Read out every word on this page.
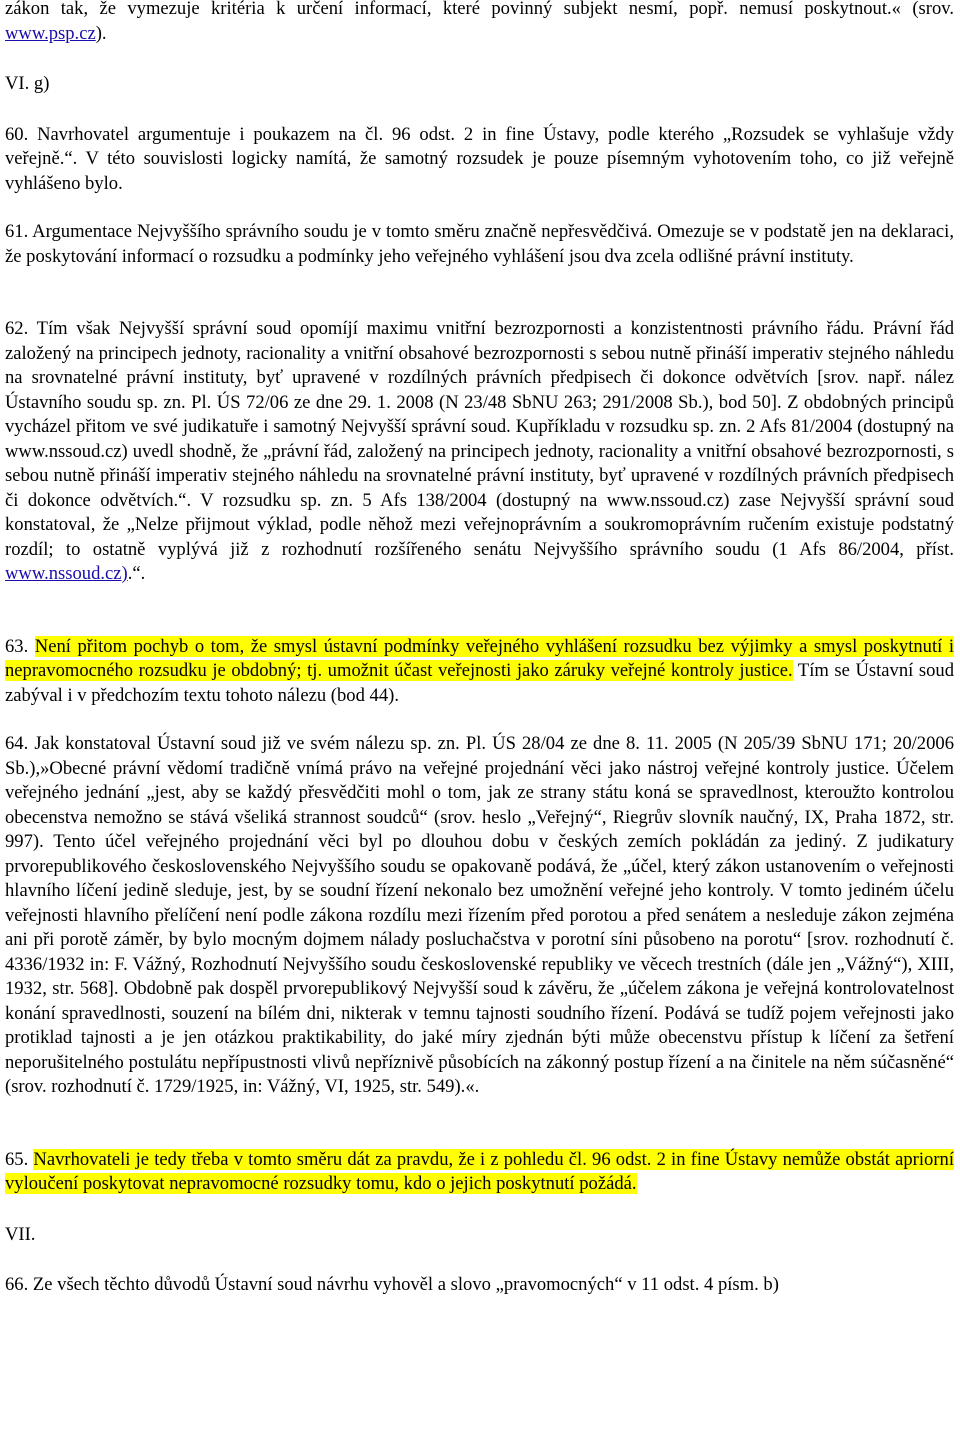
zákon tak, že vymezuje kritéria k určení informací, které povinný subjekt nesmí, popř. nemusí poskytnout.« (srov. www.psp.cz).

VI. g)

60. Navrhovatel argumentuje i poukazem na čl. 96 odst. 2 in fine Ústavy, podle kterého „Rozsudek se vyhlašuje vždy veřejně.“. V této souvislosti logicky namítá, že samotný rozsudek je pouze písemným vyhotovením toho, co již veřejně vyhlášeno bylo.

61. Argumentace Nejvyššího správního soudu je v tomto směru značně nepřesvědčivá. Omezuje se v podstatě jen na deklaraci, že poskytování informací o rozsudku a podmínky jeho veřejného vyhlášení jsou dva zcela odlišné právní instituty.

62. Tím však Nejvyšší správní soud opomíjí maximu vnitřní bezrozpornosti a konzistentnosti právního řádu. Právní řád založený na principech jednoty, racionality a vnitřní obsahové bezrozpornosti s sebou nutně přináší imperativ stejného náhledu na srovnatelné právní instituty, byť upravené v rozdílných právních předpisech či dokonce odvětvích [srov. např. nález Ústavního soudu sp. zn. Pl. ÚS 72/06 ze dne 29. 1. 2008 (N 23/48 SbNU 263; 291/2008 Sb.), bod 50]. Z obdobných principů vycházel přitom ve své judikatuře i samotný Nejvyšší správní soud. Kupříkladu v rozsudku sp. zn. 2 Afs 81/2004 (dostupný na www.nssoud.cz) uvedl shodně, že „právní řád, založený na principech jednoty, racionality a vnitřní obsahové bezrozpornosti, s sebou nutně přináší imperativ stejného náhledu na srovnatelné právní instituty, byť upravené v rozdílných právních předpisech či dokonce odvětvích.“. V rozsudku sp. zn. 5 Afs 138/2004 (dostupný na www.nssoud.cz) zase Nejvyšší správní soud konstatoval, že „Nelze přijmout výklad, podle něhož mezi veřejnoprávním a soukromoprávním ručením existuje podstatný rozdíl; to ostatně vyplývá již z rozhodnutí rozšířeného senátu Nejvyššího správního soudu (1 Afs 86/2004, příst. www.nssoud.cz).“.

63. Není přitom pochyb o tom, že smysl ústavní podmínky veřejného vyhlášení rozsudku bez výjimky a smysl poskytnutí i nepravomocného rozsudku je obdobný; tj. umožnit účast veřejnosti jako záruky veřejné kontroly justice. Tím se Ústavní soud zabýval i v předchozím textu tohoto nálezu (bod 44).

64. Jak konstatoval Ústavní soud již ve svém nálezu sp. zn. Pl. ÚS 28/04 ze dne 8. 11. 2005 (N 205/39 SbNU 171; 20/2006 Sb.),»Obecné právní vědomí tradičně vnímá právo na veřejné projednání věci jako nástroj veřejné kontroly justice. Účelem veřejného jednání „jest, aby se každý přesvědčiti mohl o tom, jak ze strany státu koná se spravedlnost, kteroužto kontrolou obecenstva nemožno se stává všeliká strannost soudců“ (srov. heslo „Veřejný“, Riegrův slovník naučný, IX, Praha 1872, str. 997). Tento účel veřejného projednání věci byl po dlouhou dobu v českých zemích pokládán za jediný. Z judikatury prvorepublikového československého Nejvyššího soudu se opakovaně podává, že „účel, který zákon ustanovením o veřejnosti hlavního líčení jedině sleduje, jest, by se soudní řízení nekonalo bez umožnění veřejné jeho kontroly. V tomto jediném účelu veřejnosti hlavního přelíčení není podle zákona rozdílu mezi řízením před porotou a před senátem a nesleduje zákon zejména ani při porotě záměr, by bylo mocným dojmem nálady posluchačstva v porotní síni působeno na porotu“ [srov. rozhodnutí č. 4336/1932 in: F. Vážný, Rozhodnutí Nejvyššího soudu československé republiky ve věcech trestních (dále jen „Vážný“), XIII, 1932, str. 568]. Obdobně pak dospěl prvorepublikový Nejvyšší soud k závěru, že „účelem zákona je veřejná kontrolovatelnost konání spravedlnosti, souzení na bílém dni, nikterak v temnu tajnosti soudního řízení. Podává se tudíž pojem veřejnosti jako protiklad tajnosti a je jen otázkou praktikability, do jaké míry zjednán býti může obecenstvu přístup k líčení za šetření neporušitelného postulátu nepřípustnosti vlivů nepříznivě působících na zákonný postup řízení a na činitele na něm súčasněné“ (srov. rozhodnutí č. 1729/1925, in: Vážný, VI, 1925, str. 549).«.

65. Navrhovateli je tedy třeba v tomto směru dát za pravdu, že i z pohledu čl. 96 odst. 2 in fine Ústavy nemůže obstát apriorní vyloučení poskytovat nepravomocné rozsudky tomu, kdo o jejich poskytnutí požádá.

VII.

66. Ze všech těchto důvodů Ústavní soud návrhu vyhověl a slovo „pravomocných“ v 11 odst. 4 písm. b)
